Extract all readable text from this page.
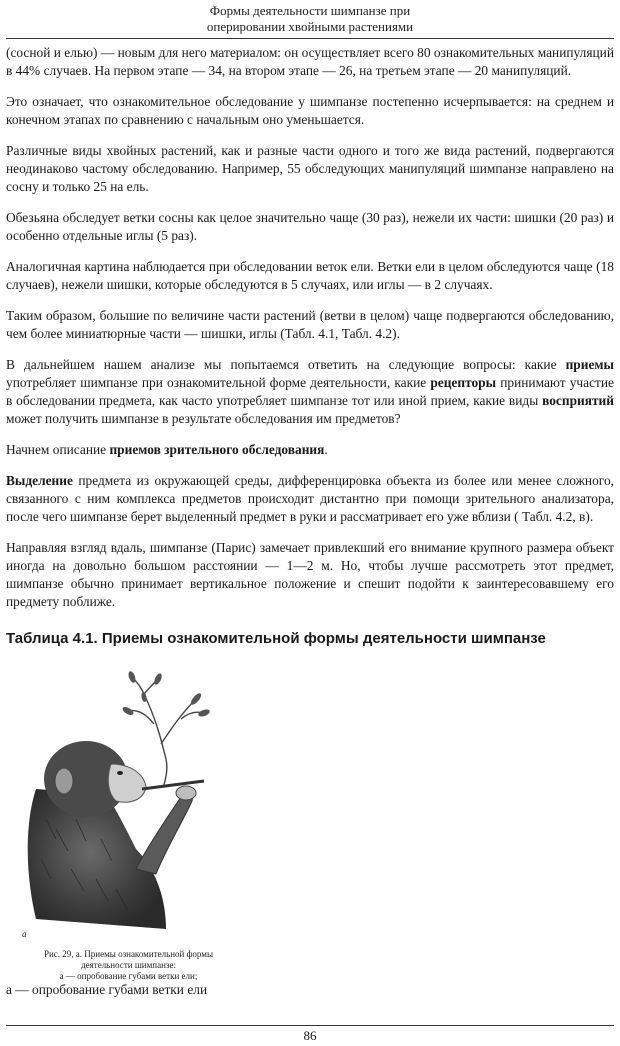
Формы деятельности шимпанзе при
оперировании хвойными растениями

(сосной и елью) — новым для него материалом: он осуществляет всего 80 ознакомительных манипуляций в 44% случаев. На первом этапе — 34, на втором этапе — 26, на третьем этапе — 20 манипуляций.

Это означает, что ознакомительное обследование у шимпанзе постепенно исчерпывается: на среднем и конечном этапах по сравнению с начальным оно уменьшается.

Различные виды хвойных растений, как и разные части одного и того же вида растений, подвергаются неодинаково частому обследованию. Например, 55 обследующих манипуляций шимпанзе направлено на сосну и только 25 на ель.

Обезьяна обследует ветки сосны как целое значительно чаще (30 раз), нежели их части: шишки (20 раз) и особенно отдельные иглы (5 раз).

Аналогичная картина наблюдается при обследовании веток ели. Ветки ели в целом обследуются чаще (18 случаев), нежели шишки, которые обследуются в 5 случаях, или иглы — в 2 случаях.

Таким образом, большие по величине части растений (ветви в целом) чаще подвергаются обследованию, чем более миниатюрные части — шишки, иглы (Табл. 4.1, Табл. 4.2).

В дальнейшем нашем анализе мы попытаемся ответить на следующие вопросы: какие приемы употребляет шимпанзе при ознакомительной форме деятельности, какие рецепторы принимают участие в обследовании предмета, как часто употребляет шимпанзе тот или иной прием, какие виды восприятий может получить шимпанзе в результате обследования им предметов?

Начнем описание приемов зрительного обследования.

Выделение предмета из окружающей среды, дифференцировка объекта из более или менее сложного, связанного с ним комплекса предметов происходит дистантно при помощи зрительного анализатора, после чего шимпанзе берет выделенный предмет в руки и рассматривает его уже вблизи ( Табл. 4.2, в).

Направляя взгляд вдаль, шимпанзе (Парис) замечает привлекший его внимание крупного размера объект иногда на довольно большом расстоянии — 1—2 м. Но, чтобы лучше рассмотреть этот предмет, шимпанзе обычно принимает вертикальное положение и спешит подойти к заинтересовавшему его предмету поближе.

Таблица 4.1. Приемы ознакомительной формы деятельности шимпанзе
а
Рис. 29, а. Приемы ознакомительной формы
деятельности шимпанзе:
а — опробование губами ветки ели;
а — опробование губами ветки ели
86
